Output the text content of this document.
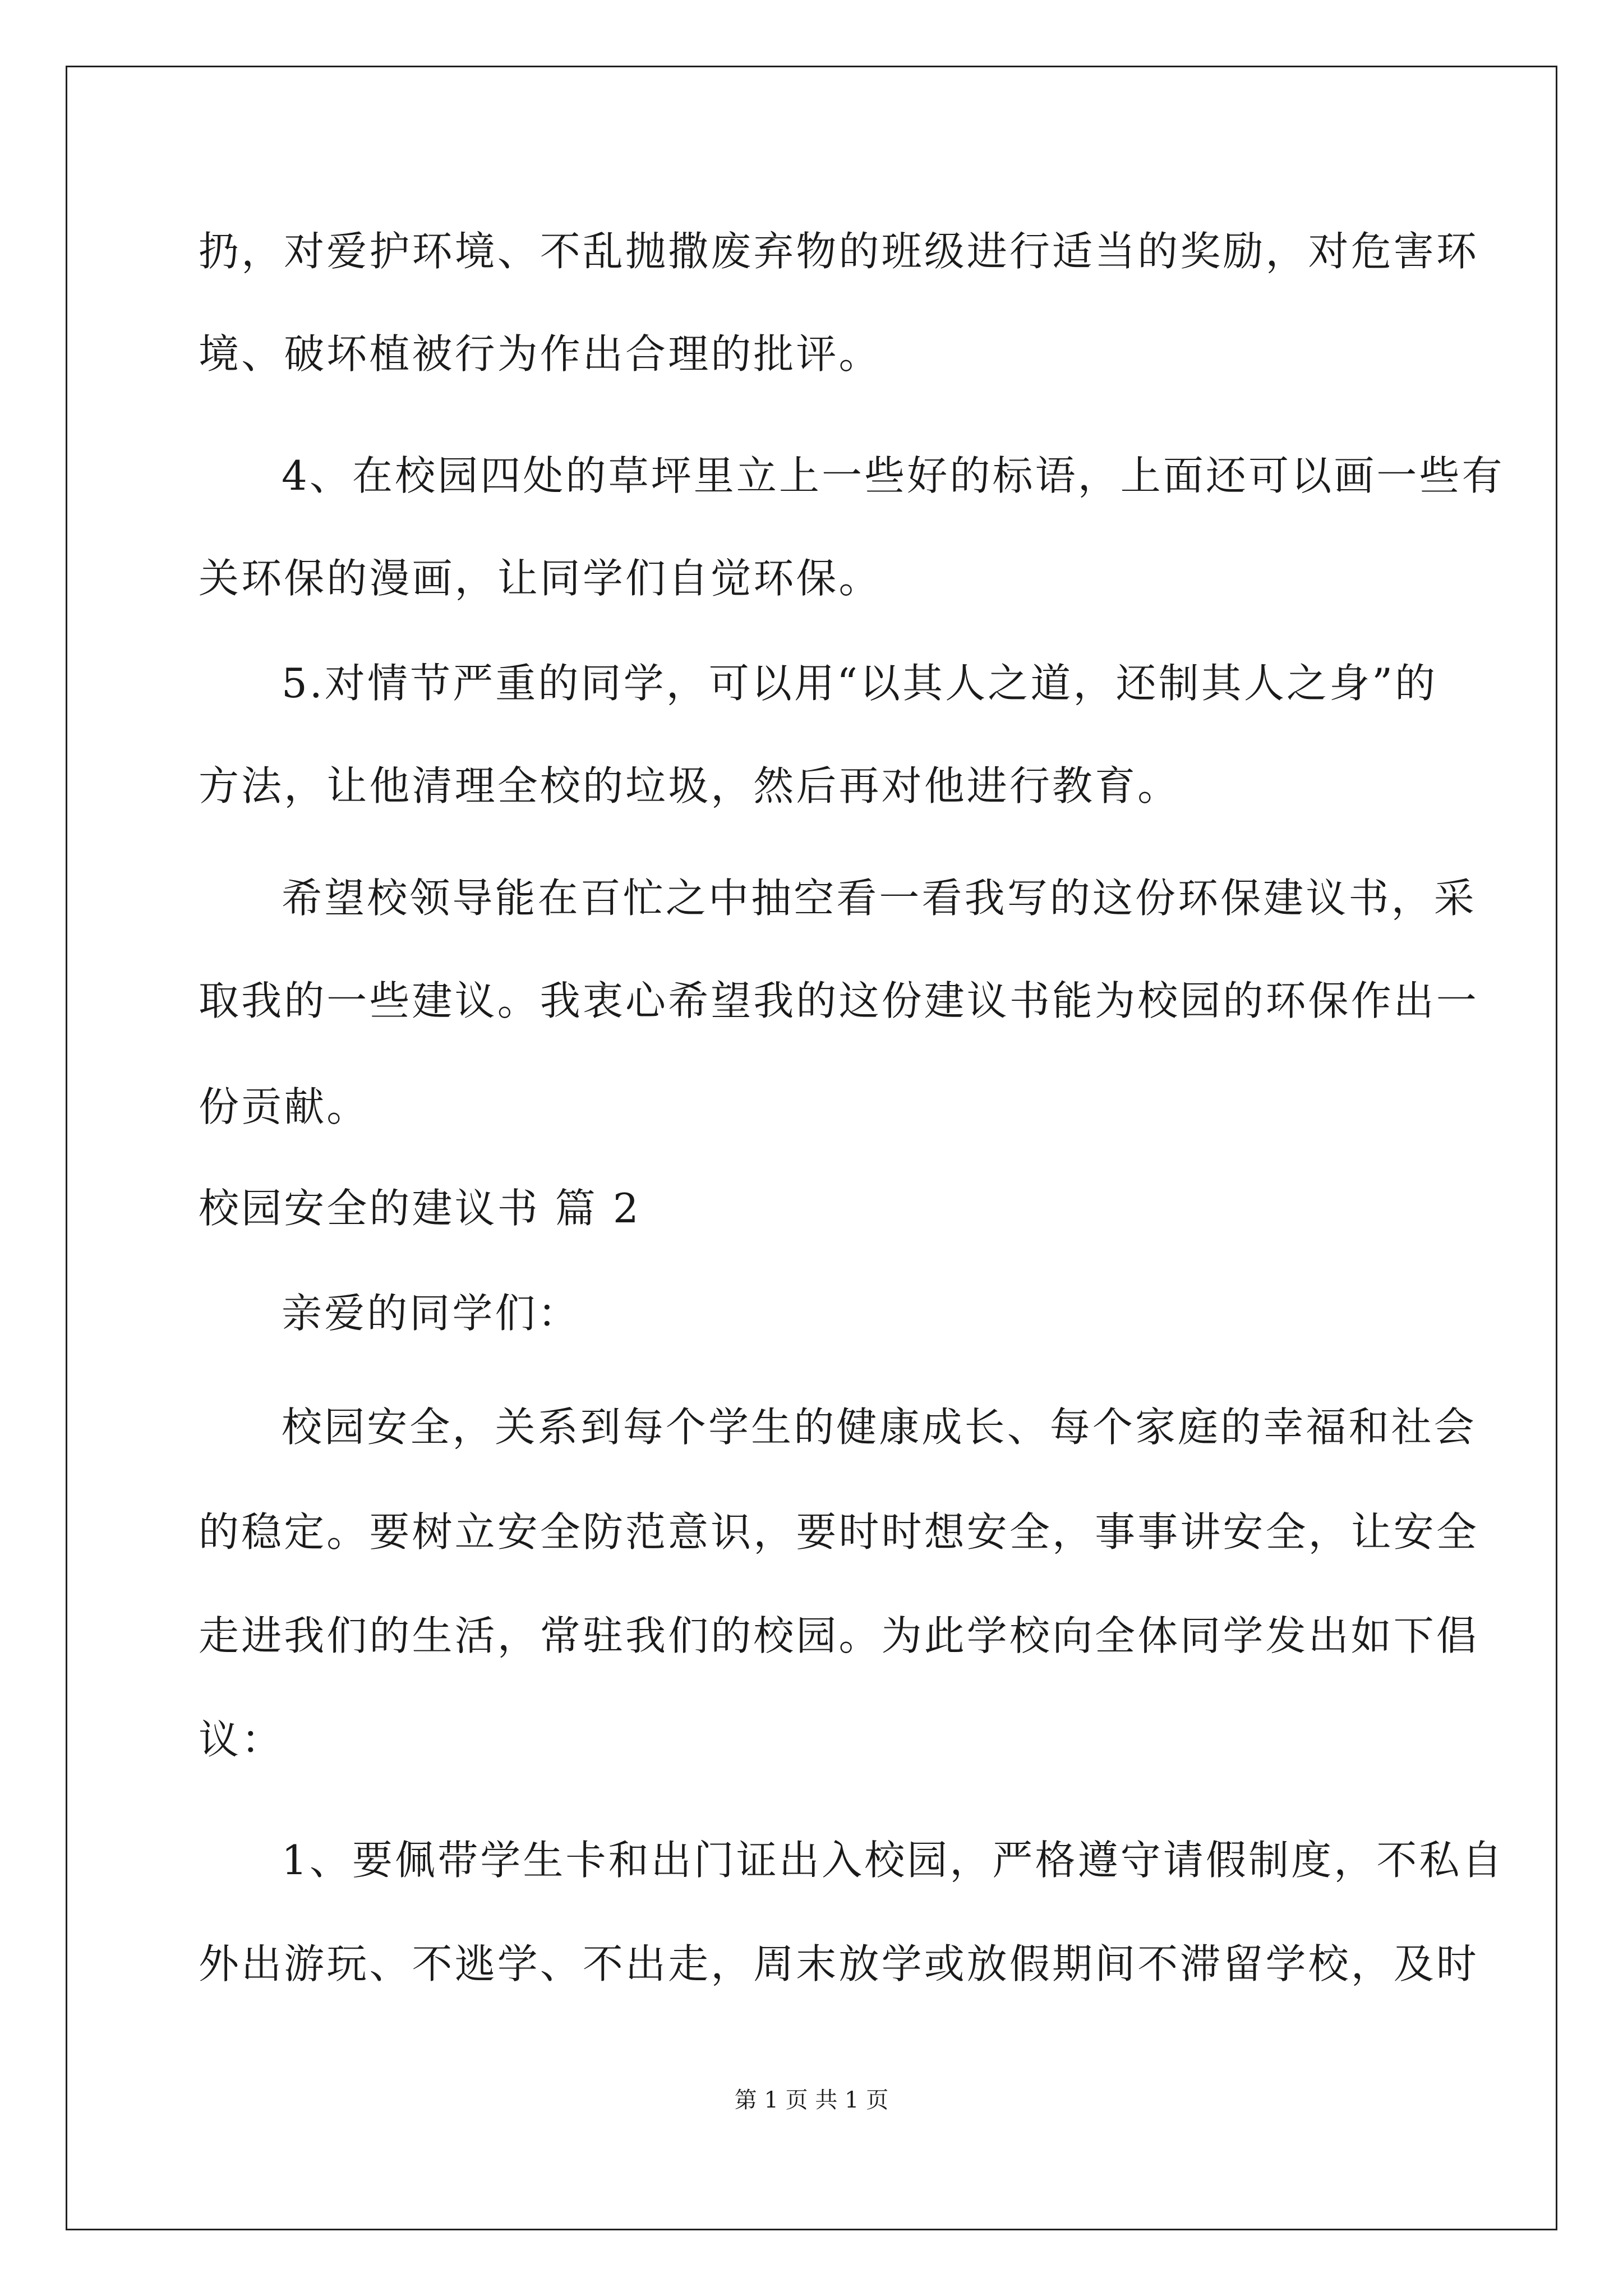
扔，对爱护环境、不乱抛撒废弃物的班级进行适当的奖励，对危害环
境、破坏植被行为作出合理的批评。
4、在校园四处的草坪里立上一些好的标语，上面还可以画一些有
关环保的漫画，让同学们自觉环保。
5.对情节严重的同学，可以用“以其人之道，还制其人之身”的
方法，让他清理全校的垃圾，然后再对他进行教育。
希望校领导能在百忙之中抽空看一看我写的这份环保建议书，采
取我的一些建议。我衷心希望我的这份建议书能为校园的环保作出一
份贡献。
校园安全的建议书 篇 2
亲爱的同学们：
校园安全，关系到每个学生的健康成长、每个家庭的幸福和社会
的稳定。要树立安全防范意识，要时时想安全，事事讲安全，让安全
走进我们的生活，常驻我们的校园。为此学校向全体同学发出如下倡
议：
1、要佩带学生卡和出门证出入校园，严格遵守请假制度，不私自
外出游玩、不逃学、不出走，周末放学或放假期间不滞留学校，及时
第 1 页 共 1 页
